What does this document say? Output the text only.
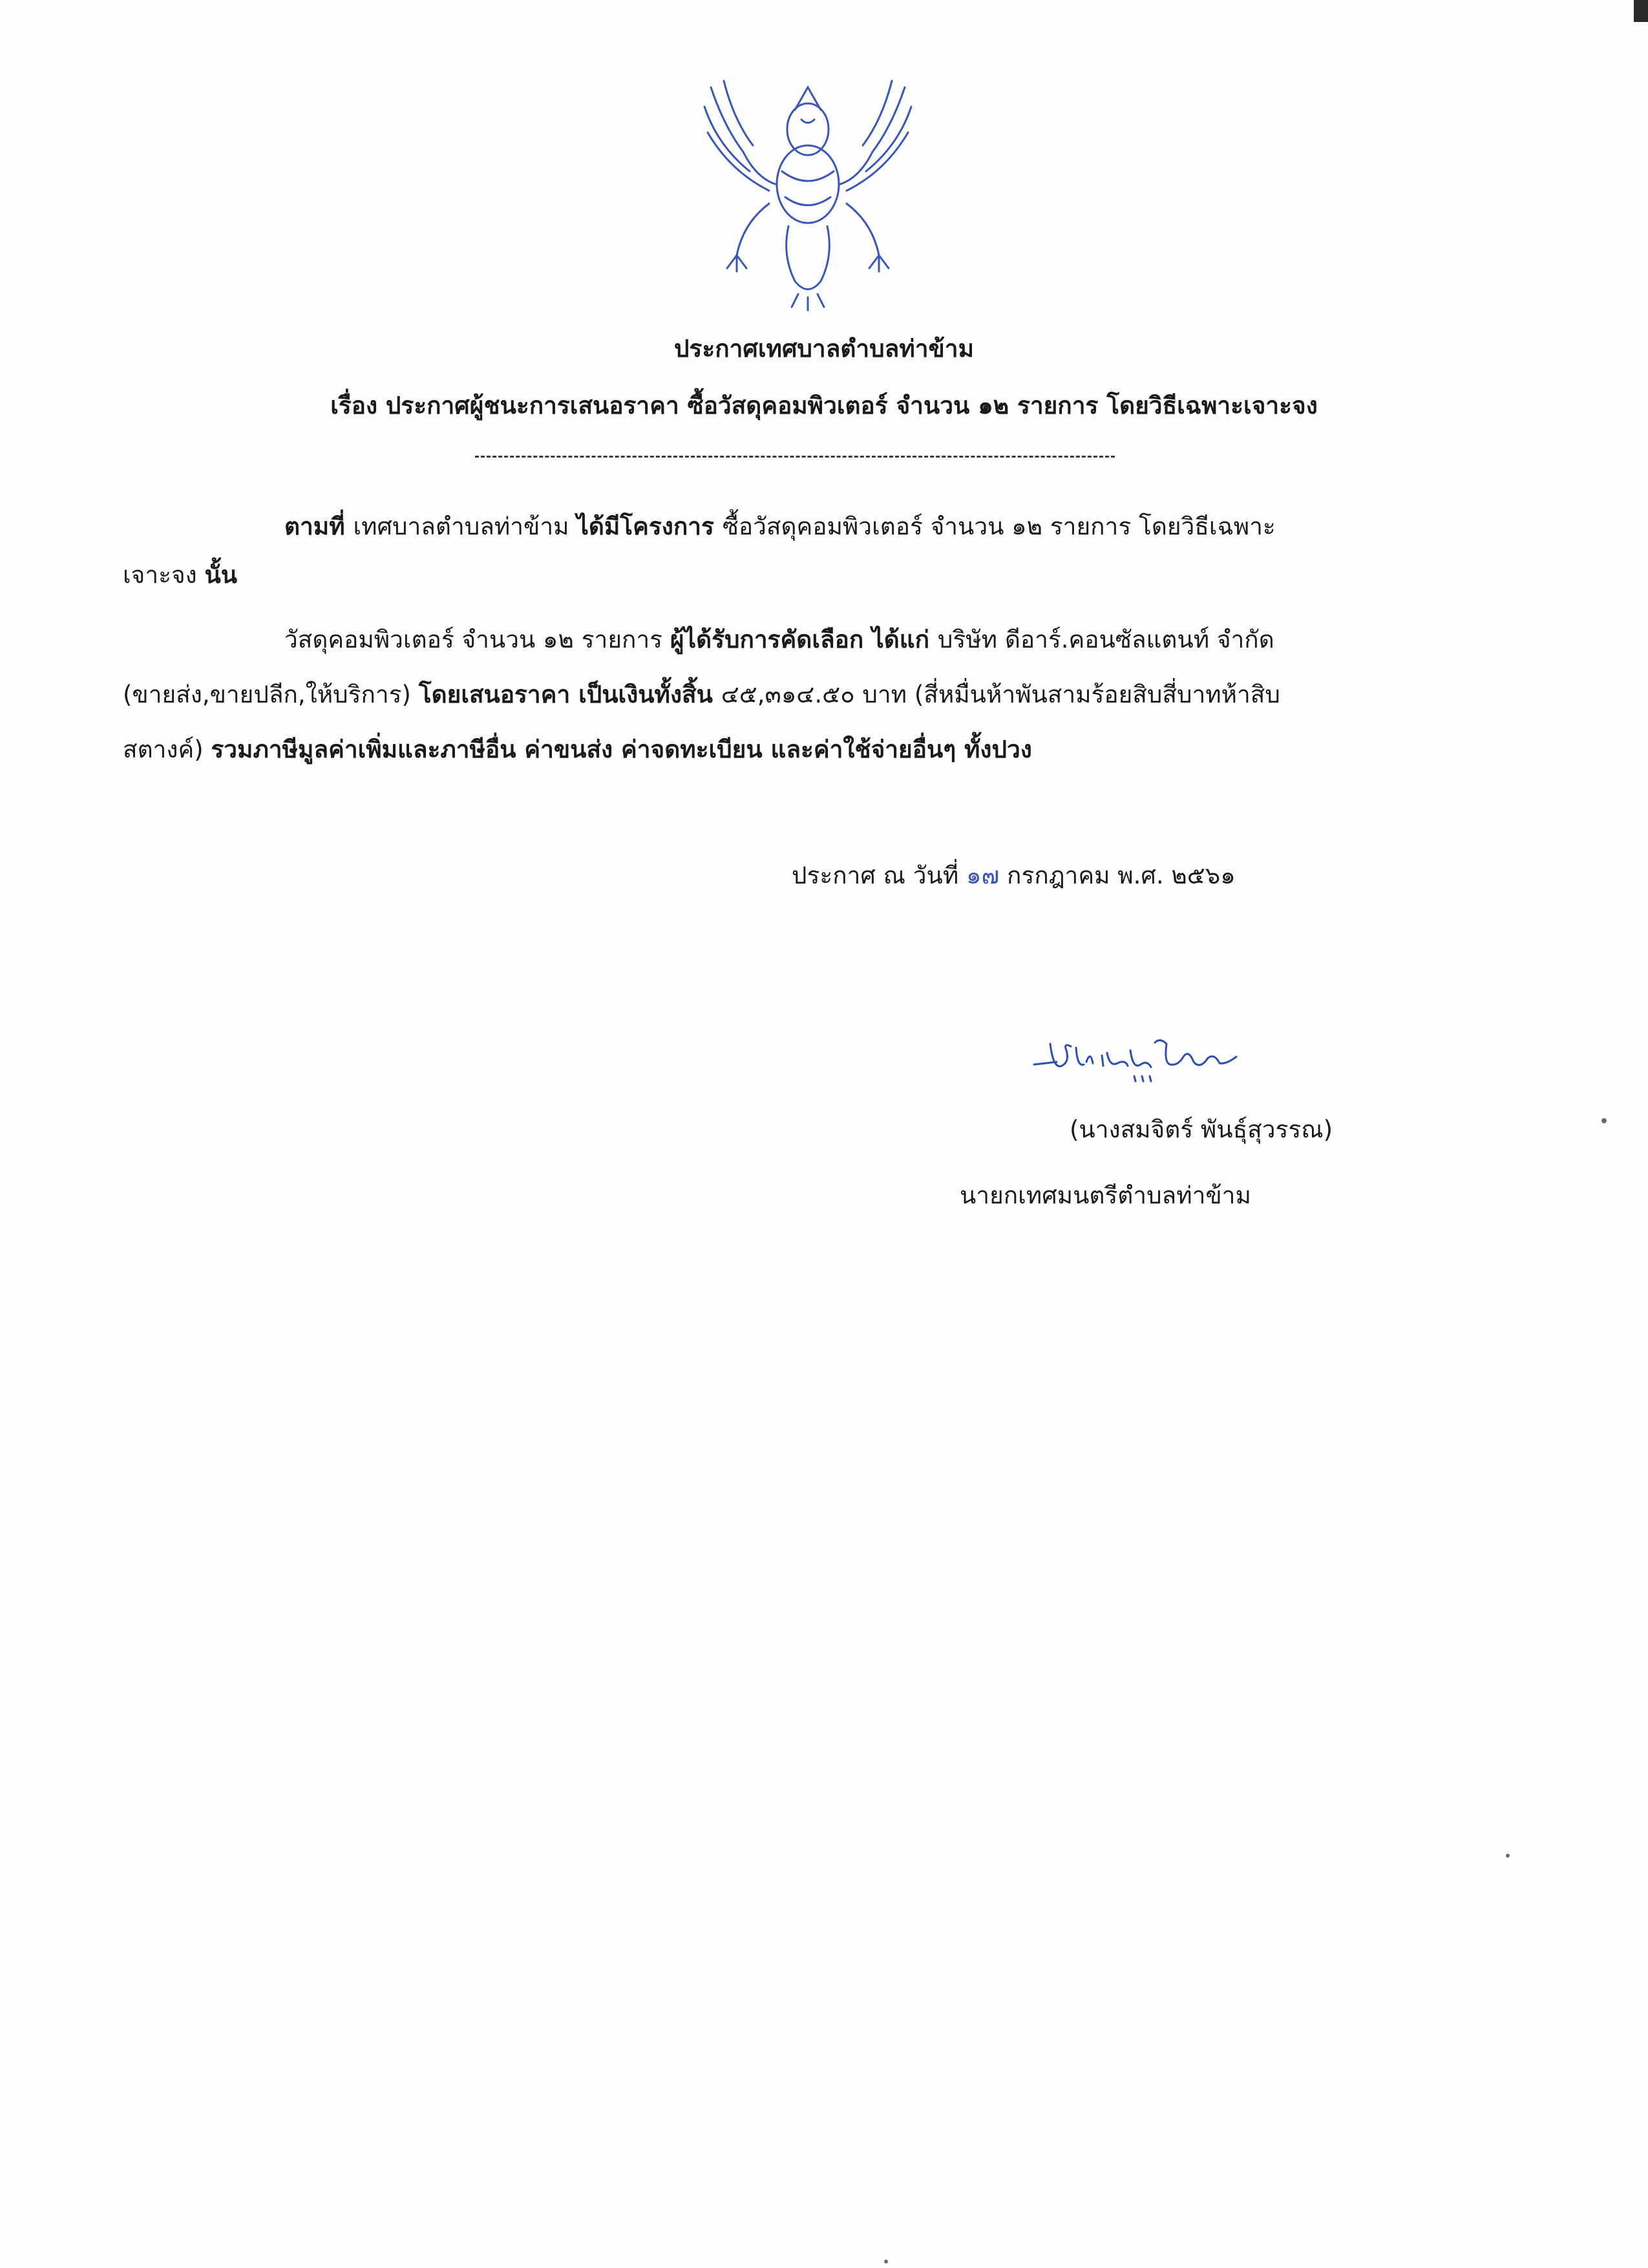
ประกาศเทศบาลตำบลท่าข้าม
เรื่อง ประกาศผู้ชนะการเสนอราคา ซื้อวัสดุคอมพิวเตอร์ จำนวน ๑๒ รายการ โดยวิธีเฉพาะเจาะจง
ตามที่ เทศบาลตำบลท่าข้าม ได้มีโครงการ ซื้อวัสดุคอมพิวเตอร์ จำนวน ๑๒ รายการ โดยวิธีเฉพาะ
เจาะจง นั้น
วัสดุคอมพิวเตอร์ จำนวน ๑๒ รายการ ผู้ได้รับการคัดเลือก ได้แก่ บริษัท ดีอาร์.คอนซัลแตนท์ จำกัด
(ขายส่ง,ขายปลีก,ให้บริการ) โดยเสนอราคา เป็นเงินทั้งสิ้น ๔๕,๓๑๔.๕๐ บาท (สี่หมื่นห้าพันสามร้อยสิบสี่บาทห้าสิบ
สตางค์) รวมภาษีมูลค่าเพิ่มและภาษีอื่น ค่าขนส่ง ค่าจดทะเบียน และค่าใช้จ่ายอื่นๆ ทั้งปวง
ประกาศ ณ วันที่ ๑๗ กรกฎาคม พ.ศ. ๒๕๖๑
(นางสมจิตร์ พันธุ์สุวรรณ)
นายกเทศมนตรีตำบลท่าข้าม
